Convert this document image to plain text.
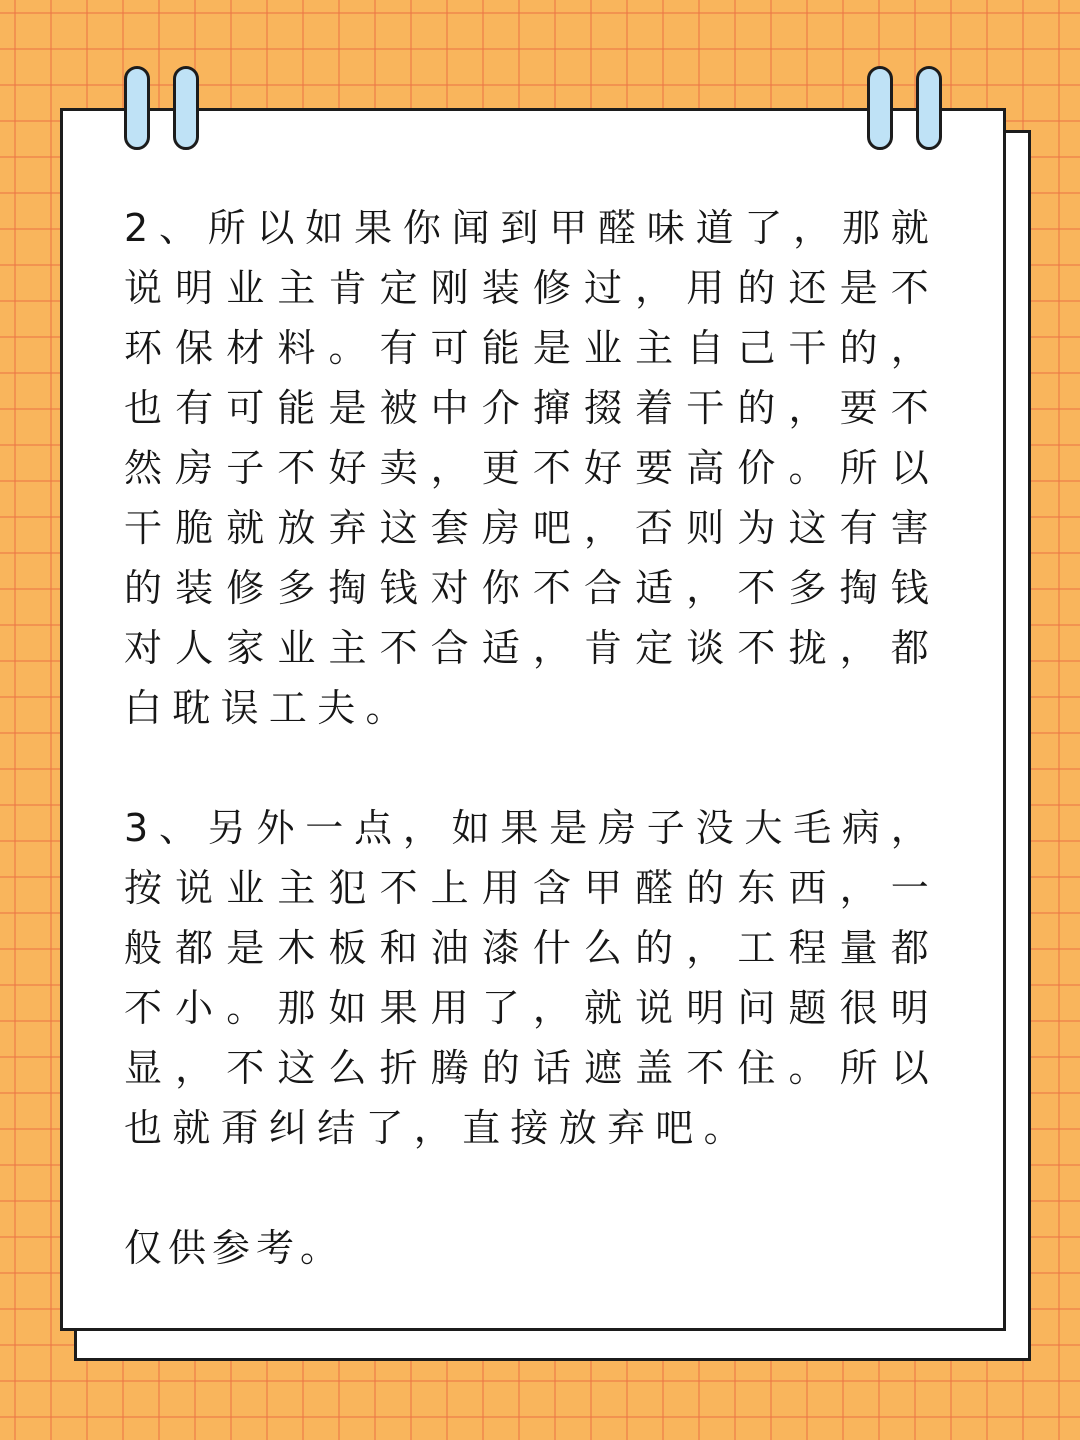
2、所以如果你闻到甲醛味道了，那就说明业主肯定刚装修过，用的还是不环保材料。有可能是业主自己干的，也有可能是被中介撺掇着干的，要不然房子不好卖，更不好要高价。所以干脆就放弃这套房吧，否则为这有害的装修多掏钱对你不合适，不多掏钱对人家业主不合适，肯定谈不拢，都白耽误工夫。

3、另外一点，如果是房子没大毛病，按说业主犯不上用含甲醛的东西，一般都是木板和油漆什么的，工程量都不小。那如果用了，就说明问题很明显，不这么折腾的话遮盖不住。所以也就甭纠结了，直接放弃吧。

仅供参考。
